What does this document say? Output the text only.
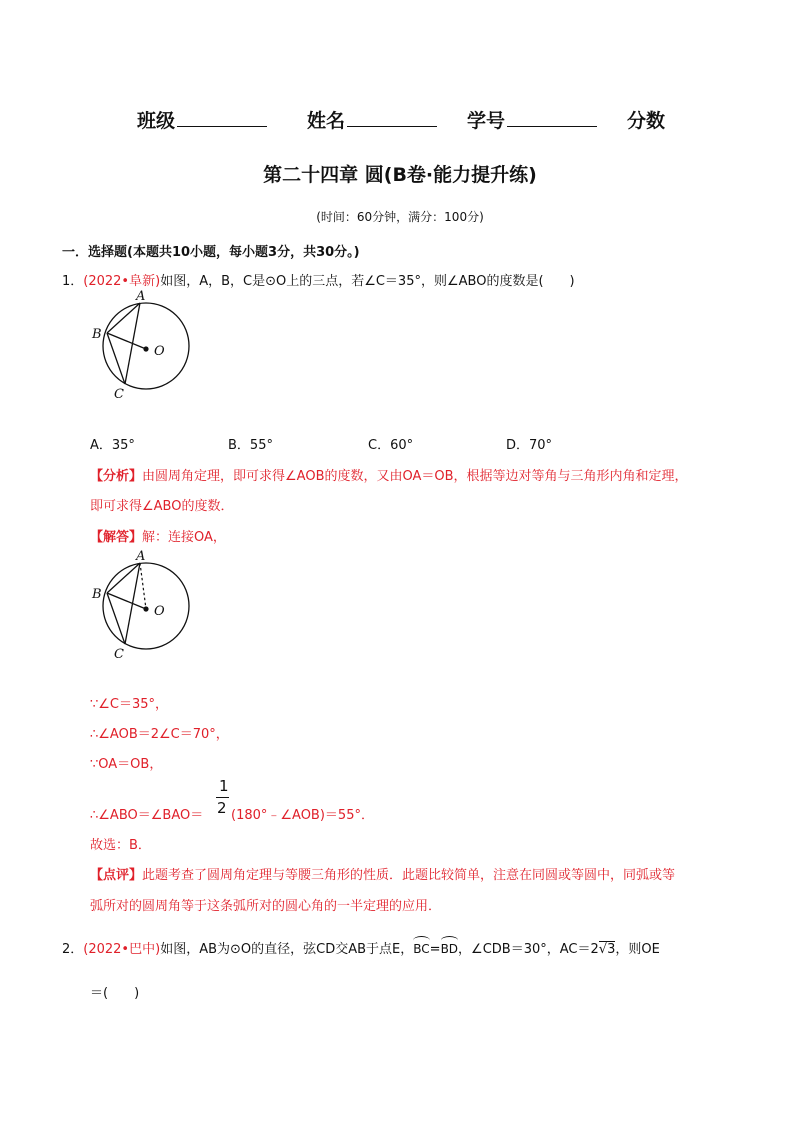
班级	姓名	学号	分数
第二十四章 圆(B卷·能力提升练)
(时间：60分钟，满分：100分)
一．选择题(本题共10小题，每小题3分，共30分。)
1．(2022•阜新)如图，A，B，C是⊙O上的三点，若∠C＝35°，则∠ABO的度数是(　　)
A
B
C
O
A．35°	B．55°	C．60°	D．70°
【分析】由圆周角定理，即可求得∠AOB的度数，又由OA＝OB，根据等边对等角与三角形内角和定理，
即可求得∠ABO的度数．
【解答】解：连接OA，
A
B
C
O
∵∠C＝35°，
∴∠AOB＝2∠C＝70°，
∵OA＝OB，
∴∠ABO＝∠BAO＝
1
2 (180°﹣∠AOB)＝55°．
故选：B．
【点评】此题考查了圆周角定理与等腰三角形的性质．此题比较简单，注意在同圆或等圆中，同弧或等
弧所对的圆周角等于这条弧所对的圆心角的一半定理的应用．
2．(2022•巴中)如图，AB为⊙O的直径，弦CD交AB于点E，BC=BD，∠CDB＝30°，AC＝2√3，则OE
＝(　　)
